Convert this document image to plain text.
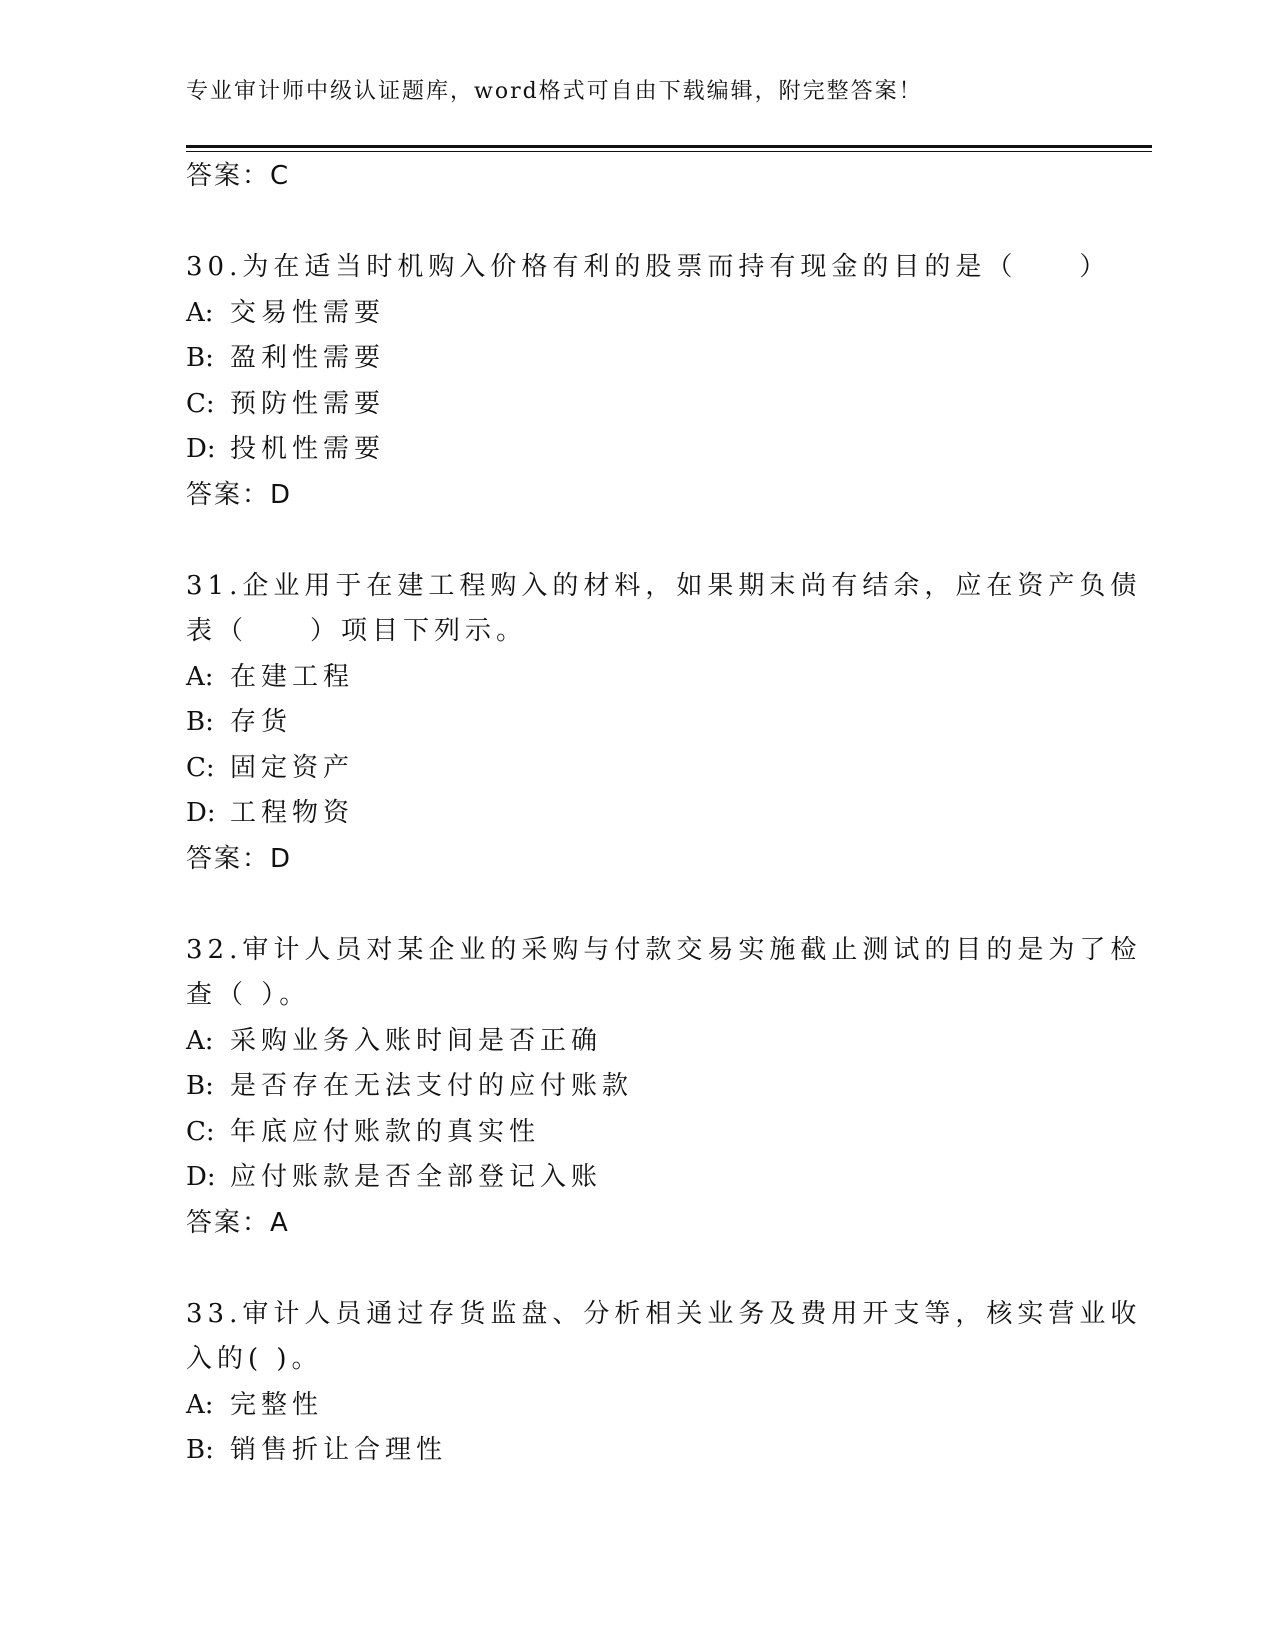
专业审计师中级认证题库，word格式可自由下载编辑，附完整答案！
答案：C
30.为在适当时机购入价格有利的股票而持有现金的目的是（　　）
A: 交易性需要
B: 盈利性需要
C: 预防性需要
D: 投机性需要
答案：D
31.企业用于在建工程购入的材料，如果期末尚有结余，应在资产负债
表（　　）项目下列示。
A: 在建工程
B: 存货
C: 固定资产
D: 工程物资
答案：D
32.审计人员对某企业的采购与付款交易实施截止测试的目的是为了检
查（ ）。
A: 采购业务入账时间是否正确
B: 是否存在无法支付的应付账款
C: 年底应付账款的真实性
D: 应付账款是否全部登记入账
答案：A
33.审计人员通过存货监盘、分析相关业务及费用开支等，核实营业收
入的( )。
A: 完整性
B: 销售折让合理性
